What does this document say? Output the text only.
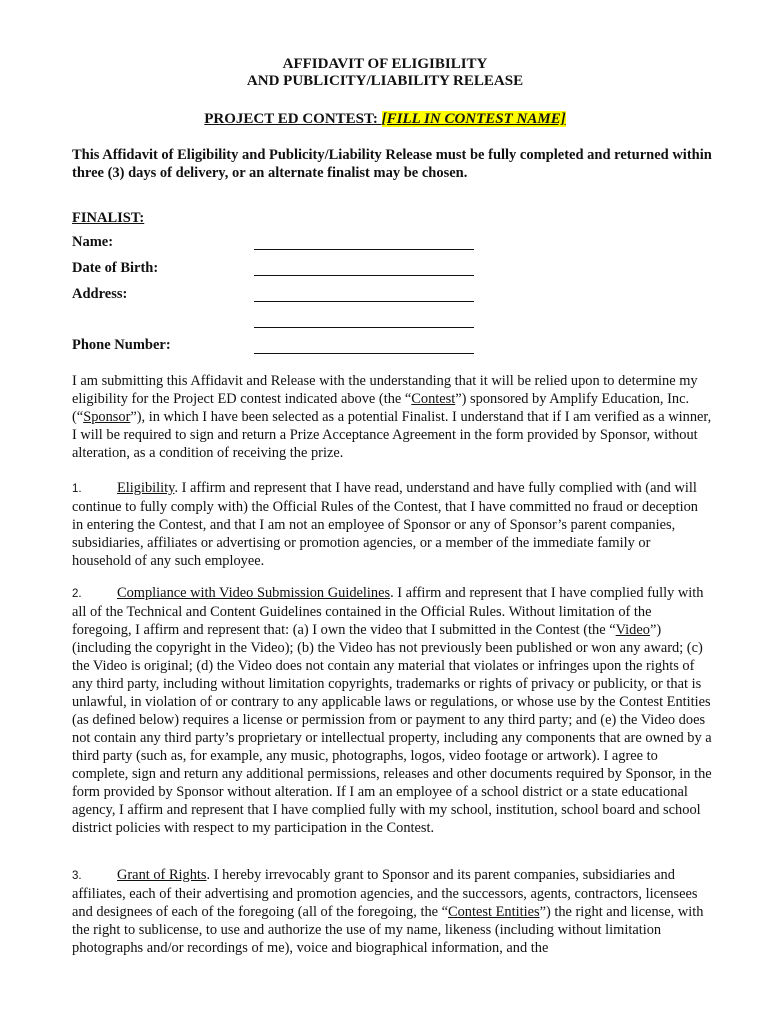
AFFIDAVIT OF ELIGIBILITY
AND PUBLICITY/LIABILITY RELEASE
PROJECT ED CONTEST: [FILL IN CONTEST NAME]
This Affidavit of Eligibility and Publicity/Liability Release must be fully completed and returned within three (3) days of delivery, or an alternate finalist may be chosen.
FINALIST:
Name:
Date of Birth:
Address:
Phone Number:
I am submitting this Affidavit and Release with the understanding that it will be relied upon to determine my eligibility for the Project ED contest indicated above (the “Contest”) sponsored by Amplify Education, Inc. (“Sponsor”), in which I have been selected as a potential Finalist. I understand that if I am verified as a winner, I will be required to sign and return a Prize Acceptance Agreement in the form provided by Sponsor, without alteration, as a condition of receiving the prize.
1. Eligibility. I affirm and represent that I have read, understand and have fully complied with (and will continue to fully comply with) the Official Rules of the Contest, that I have committed no fraud or deception in entering the Contest, and that I am not an employee of Sponsor or any of Sponsor’s parent companies, subsidiaries, affiliates or advertising or promotion agencies, or a member of the immediate family or household of any such employee.
2. Compliance with Video Submission Guidelines. I affirm and represent that I have complied fully with all of the Technical and Content Guidelines contained in the Official Rules. Without limitation of the foregoing, I affirm and represent that: (a) I own the video that I submitted in the Contest (the “Video”) (including the copyright in the Video); (b) the Video has not previously been published or won any award; (c) the Video is original; (d) the Video does not contain any material that violates or infringes upon the rights of any third party, including without limitation copyrights, trademarks or rights of privacy or publicity, or that is unlawful, in violation of or contrary to any applicable laws or regulations, or whose use by the Contest Entities (as defined below) requires a license or permission from or payment to any third party; and (e) the Video does not contain any third party’s proprietary or intellectual property, including any components that are owned by a third party (such as, for example, any music, photographs, logos, video footage or artwork). I agree to complete, sign and return any additional permissions, releases and other documents required by Sponsor, in the form provided by Sponsor without alteration. If I am an employee of a school district or a state educational agency, I affirm and represent that I have complied fully with my school, institution, school board and school district policies with respect to my participation in the Contest.
3. Grant of Rights. I hereby irrevocably grant to Sponsor and its parent companies, subsidiaries and affiliates, each of their advertising and promotion agencies, and the successors, agents, contractors, licensees and designees of each of the foregoing (all of the foregoing, the “Contest Entities”) the right and license, with the right to sublicense, to use and authorize the use of my name, likeness (including without limitation photographs and/or recordings of me), voice and biographical information, and the
